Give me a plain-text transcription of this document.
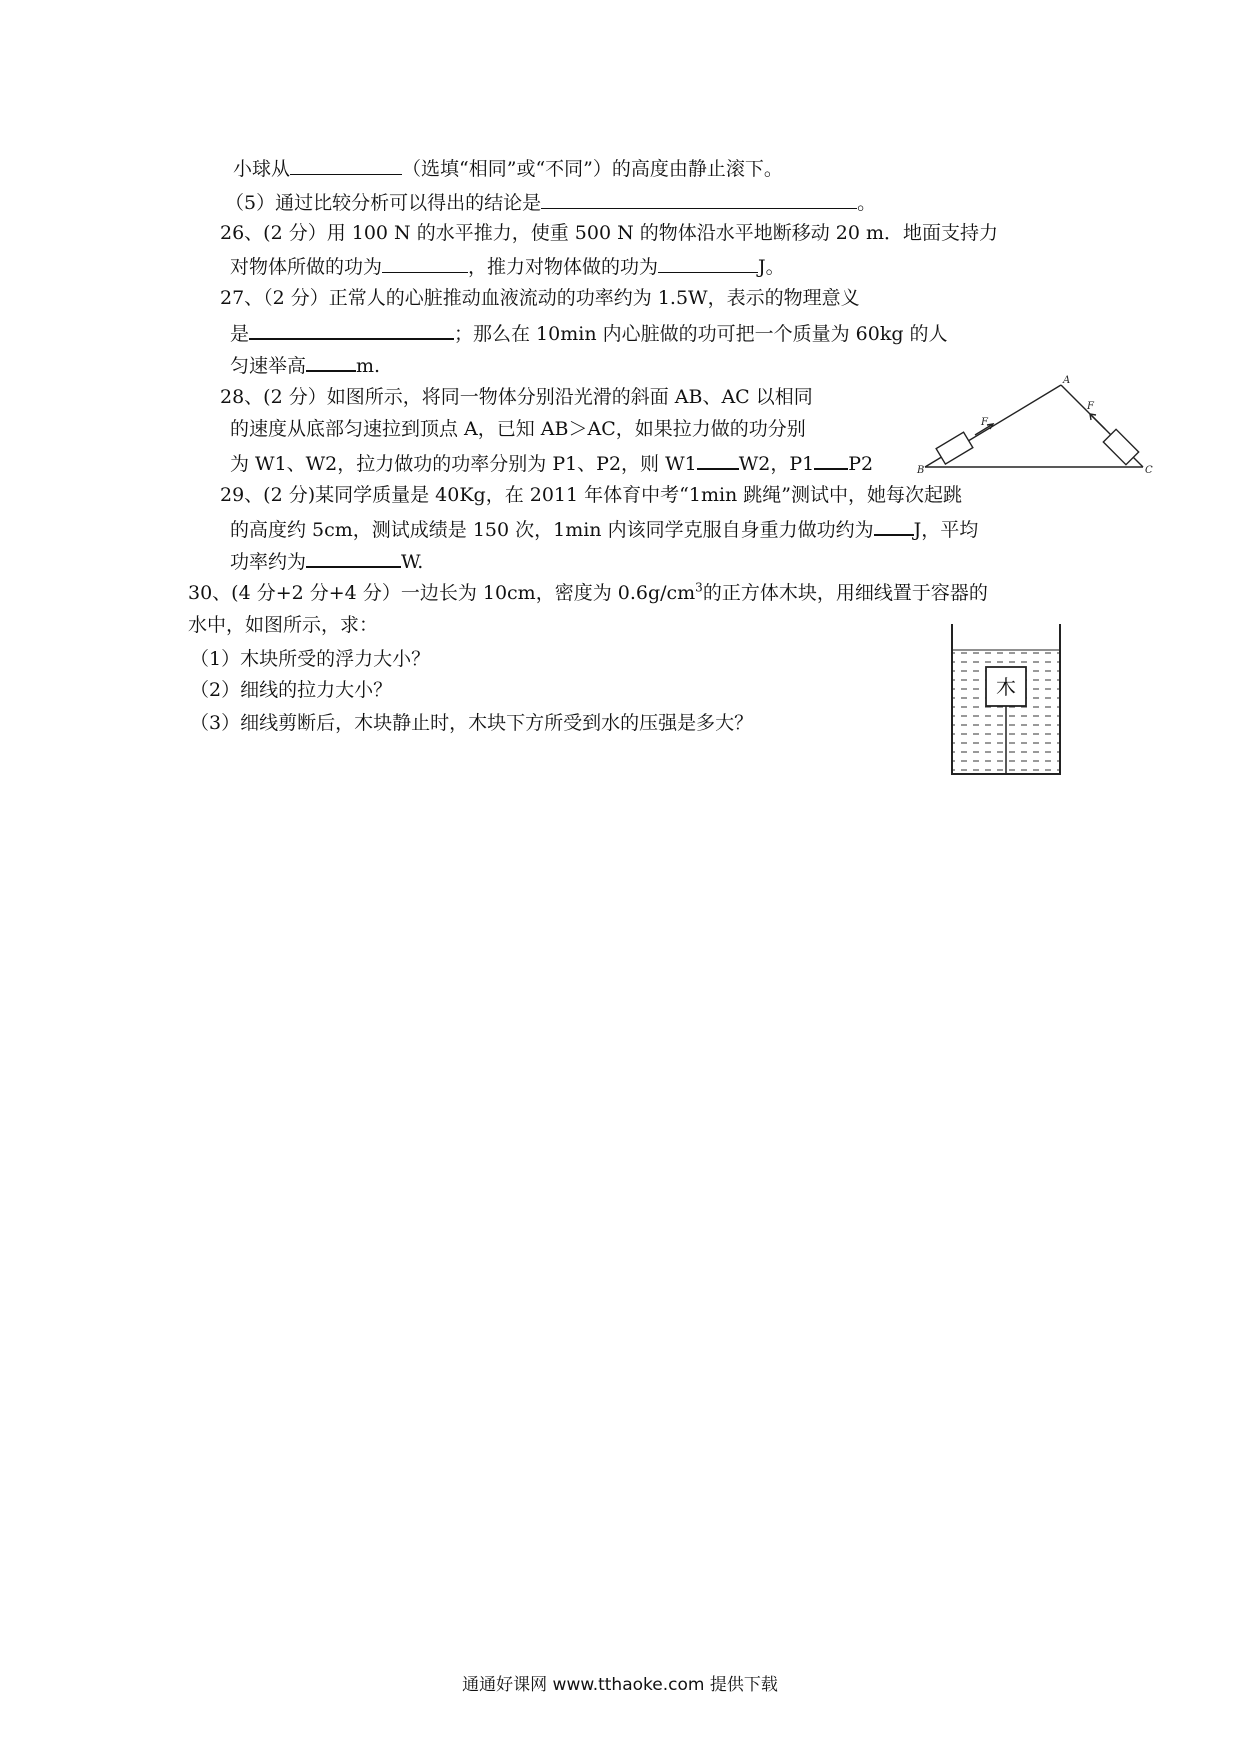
小球从	（选填“相同”或“不同”）的高度由静止滚下。
（5）通过比较分析可以得出的结论是	。
26、(2 分）用 100 N 的水平推力，使重 500 N 的物体沿水平地断移动 20 m．地面支持力
对物体所做的功为	，推力对物体做的功为	J。
27、（2 分）正常人的心脏推动血液流动的功率约为 1.5W，表示的物理意义
是	；那么在 10min 内心脏做的功可把一个质量为 60kg 的人
匀速举高	m.
28、(2 分）如图所示，将同一物体分别沿光滑的斜面 AB、AC 以相同
的速度从底部匀速拉到顶点 A，已知 AB＞AC，如果拉力做的功分别
为 W1、W2，拉力做功的功率分别为 P1、P2，则 W1 W2，P1 P2
A
B	C
F
F
29、(2 分)某同学质量是 40Kg，在 2011 年体育中考“1min 跳绳”测试中，她每次起跳
的高度约 5cm，测试成绩是 150 次，1min 内该同学克服自身重力做功约为 J，平均
功率约为	W.
30、(4 分+2 分+4 分）一边长为 10cm，密度为 $0.6g/cm^3$的正方体木块，用细线置于容器的
水中，如图所示，求：
（1）木块所受的浮力大小？
（2）细线的拉力大小？
（3）细线剪断后，木块静止时，木块下方所受到水的压强是多大？
木
通通好课网 www.tthaoke.com 提供下载
